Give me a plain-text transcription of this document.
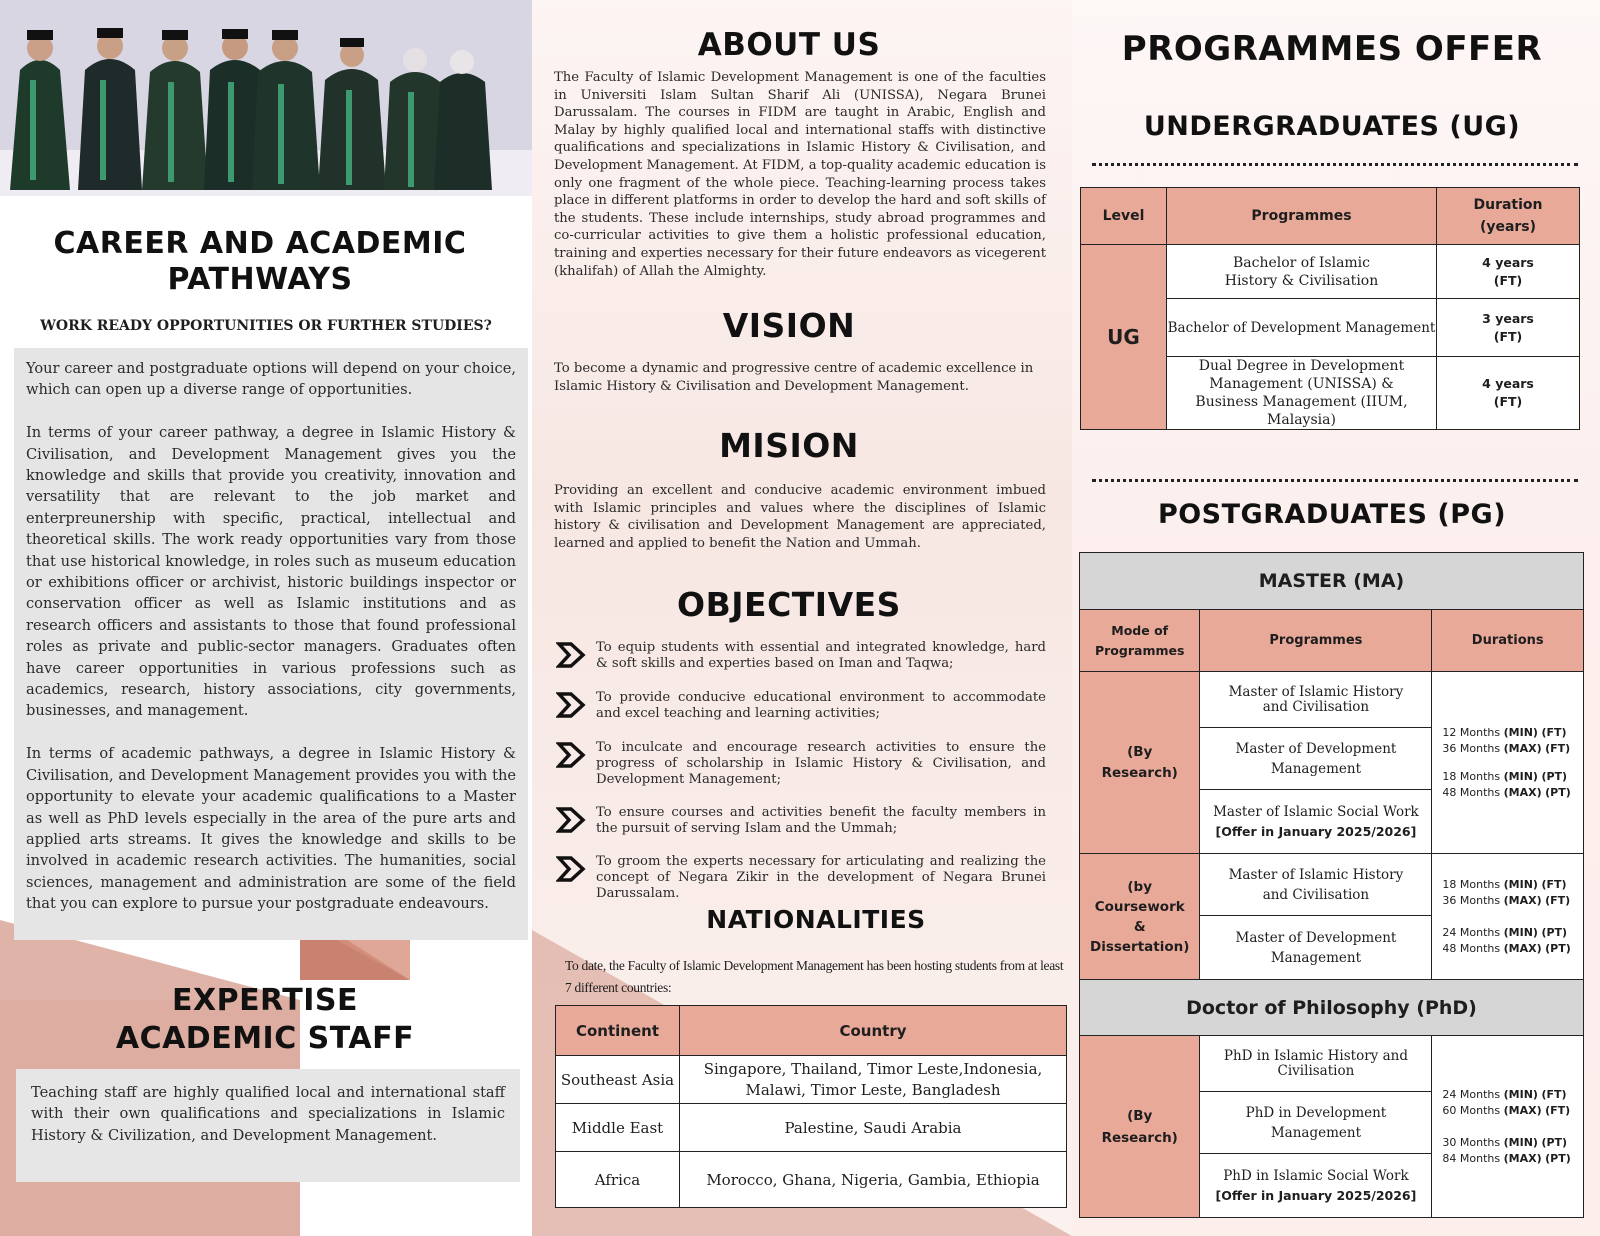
CAREER AND ACADEMIC
PATHWAYS
WORK READY OPPORTUNITIES OR FURTHER STUDIES?

Your career and postgraduate options will depend on your choice, which can open up a diverse range of opportunities.

In terms of your career pathway, a degree in Islamic History & Civilisation, and Development Management gives you the knowledge and skills that provide you creativity, innovation and versatility that are relevant to the job market and enterpreunership with specific, practical, intellectual and theoretical skills. The work ready opportunities vary from those that use historical knowledge, in roles such as museum education or exhibitions officer or archivist, historic buildings inspector or conservation officer as well as Islamic institutions and as research officers and assistants to those that found professional roles as private and public-sector managers. Graduates often have career opportunities in various professions such as academics, research, history associations, city governments, businesses, and management.

In terms of academic pathways, a degree in Islamic History & Civilisation, and Development Management provides you with the opportunity to elevate your academic qualifications to a Master as well as PhD levels especially in the area of the pure arts and applied arts streams. It gives the knowledge and skills to be involved in academic research activities. The humanities, social sciences, management and administration are some of the field that you can explore to pursue your postgraduate endeavours.

EXPERTISE
ACADEMIC STAFF

Teaching staff are highly qualified local and international staff with their own qualifications and specializations in Islamic History & Civilization, and Development Management.

ABOUT US
The Faculty of Islamic Development Management is one of the faculties in Universiti Islam Sultan Sharif Ali (UNISSA), Negara Brunei Darussalam. The courses in FIDM are taught in Arabic, English and Malay by highly qualified local and international staffs with distinctive qualifications and specializations in Islamic History & Civilisation, and Development Management. At FIDM, a top-quality academic education is only one fragment of the whole piece. Teaching-learning process takes place in different platforms in order to develop the hard and soft skills of the students. These include internships, study abroad programmes and co-curricular activities to give them a holistic professional education, training and experties necessary for their future endeavors as vicegerent (khalifah) of Allah the Almighty.
VISION
To become a dynamic and progressive centre of academic excellence in Islamic History & Civilisation and Development Management.
MISION
Providing an excellent and conducive academic environment imbued with Islamic principles and values where the disciplines of Islamic history & civilisation and Development Management are appreciated, learned and applied to benefit the Nation and Ummah.
OBJECTIVES
To equip students with essential and integrated knowledge, hard & soft skills and experties based on Iman and Taqwa;
To provide conducive educational environment to accommodate and excel teaching and learning activities;
To inculcate and encourage research activities to ensure the progress of scholarship in Islamic History & Civilisation, and Development Management;
To ensure courses and activities benefit the faculty members in the pursuit of serving Islam and the Ummah;
To groom the experts necessary for articulating and realizing the concept of Negara Zikir in the development of Negara Brunei Darussalam.
NATIONALITIES
To date, the Faculty of Islamic Development Management has been hosting students from at least 7 different countries:
Continent	Country
Southeast Asia	Singapore, Thailand, Timor Leste,Indonesia, Malawi, Timor Leste, Bangladesh
Middle East	Palestine, Saudi Arabia
Africa	Morocco, Ghana, Nigeria, Gambia, Ethiopia
PROGRAMMES OFFER
UNDERGRADUATES (UG)
Level	Programmes	Duration (years)
UG	Bachelor of Islamic History & Civilisation	4 years (FT)
	Bachelor of Development Management	3 years (FT)
	Dual Degree in Development Management (UNISSA) & Business Management (IIUM, Malaysia)	4 years (FT)
POSTGRADUATES (PG)
MASTER (MA)		
Mode of Programmes	Programmes	Durations
(By Research)	Master of Islamic History and Civilisation	12 Months (MIN) (FT)
36 Months (MAX) (FT)
18 Months (MIN) (PT)
48 Months (MAX) (PT)

	Master of Development Management	

	Master of Islamic Social Work
[Offer in January 2025/2026]	

(by Coursework & Dissertation)	Master of Islamic History and Civilisation	18 Months (MIN) (FT)
36 Months (MAX) (FT)
24 Months (MIN) (PT)
48 Months (MAX) (PT)

	Master of Development Management	
Doctor of Philosophy (PhD)		
(By Research)	PhD in Islamic History and Civilisation	24 Months (MIN) (FT)
60 Months (MAX) (FT)
30 Months (MIN) (PT)
84 Months (MAX) (PT)

	PhD in Development Management	

	PhD in Islamic Social Work
[Offer in January 2025/2026]	
